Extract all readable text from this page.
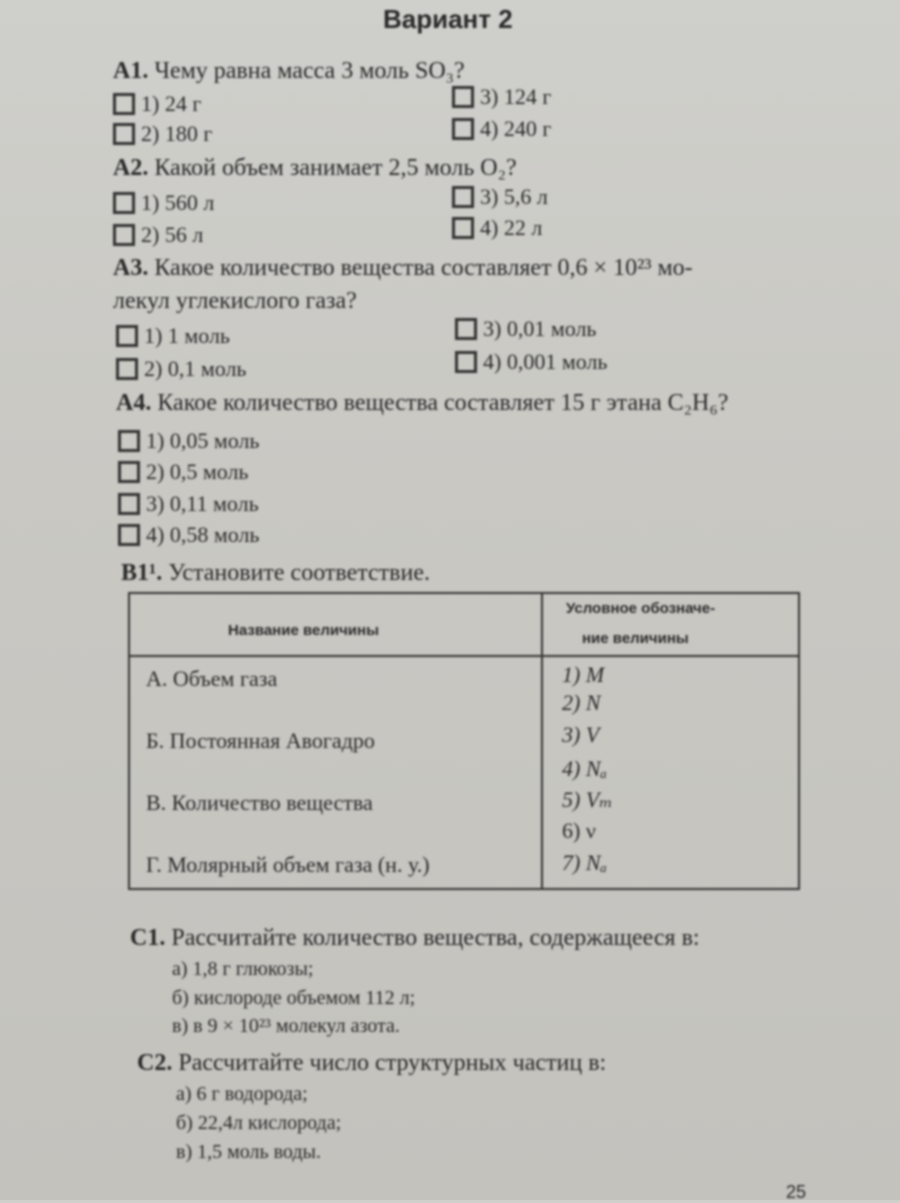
Вариант 2
А1. Чему равна масса 3 моль SO₃?
1) 24 г
2) 180 г
3) 124 г
4) 240 г
А2. Какой объем занимает 2,5 моль O₂?
1) 560 л
2) 56 л
3) 5,6 л
4) 22 л
А3. Какое количество вещества составляет 0,6 × 10²³ мо-
лекул углекислого газа?
1) 1 моль
2) 0,1 моль
3) 0,01 моль
4) 0,001 моль
А4. Какое количество вещества составляет 15 г этана C₂H₆?
1) 0,05 моль
2) 0,5 моль
3) 0,11 моль
4) 0,58 моль
В1¹. Установите соответствие.
Название величины
Условное обозначе-
ние величины
А. Объем газа
Б. Постоянная Авогадро
В. Количество вещества
Г. Молярный объем газа (н. у.)
1) M
2) N
3) V
4) Nₐ
5) Vₘ
6) ν
7) Nₐ
С1. Рассчитайте количество вещества, содержащееся в:
а) 1,8 г глюкозы;
б) кислороде объемом 112 л;
в) в 9 × 10²³ молекул азота.
С2. Рассчитайте число структурных частиц в:
а) 6 г водорода;
б) 22,4л кислорода;
в) 1,5 моль воды.
25
